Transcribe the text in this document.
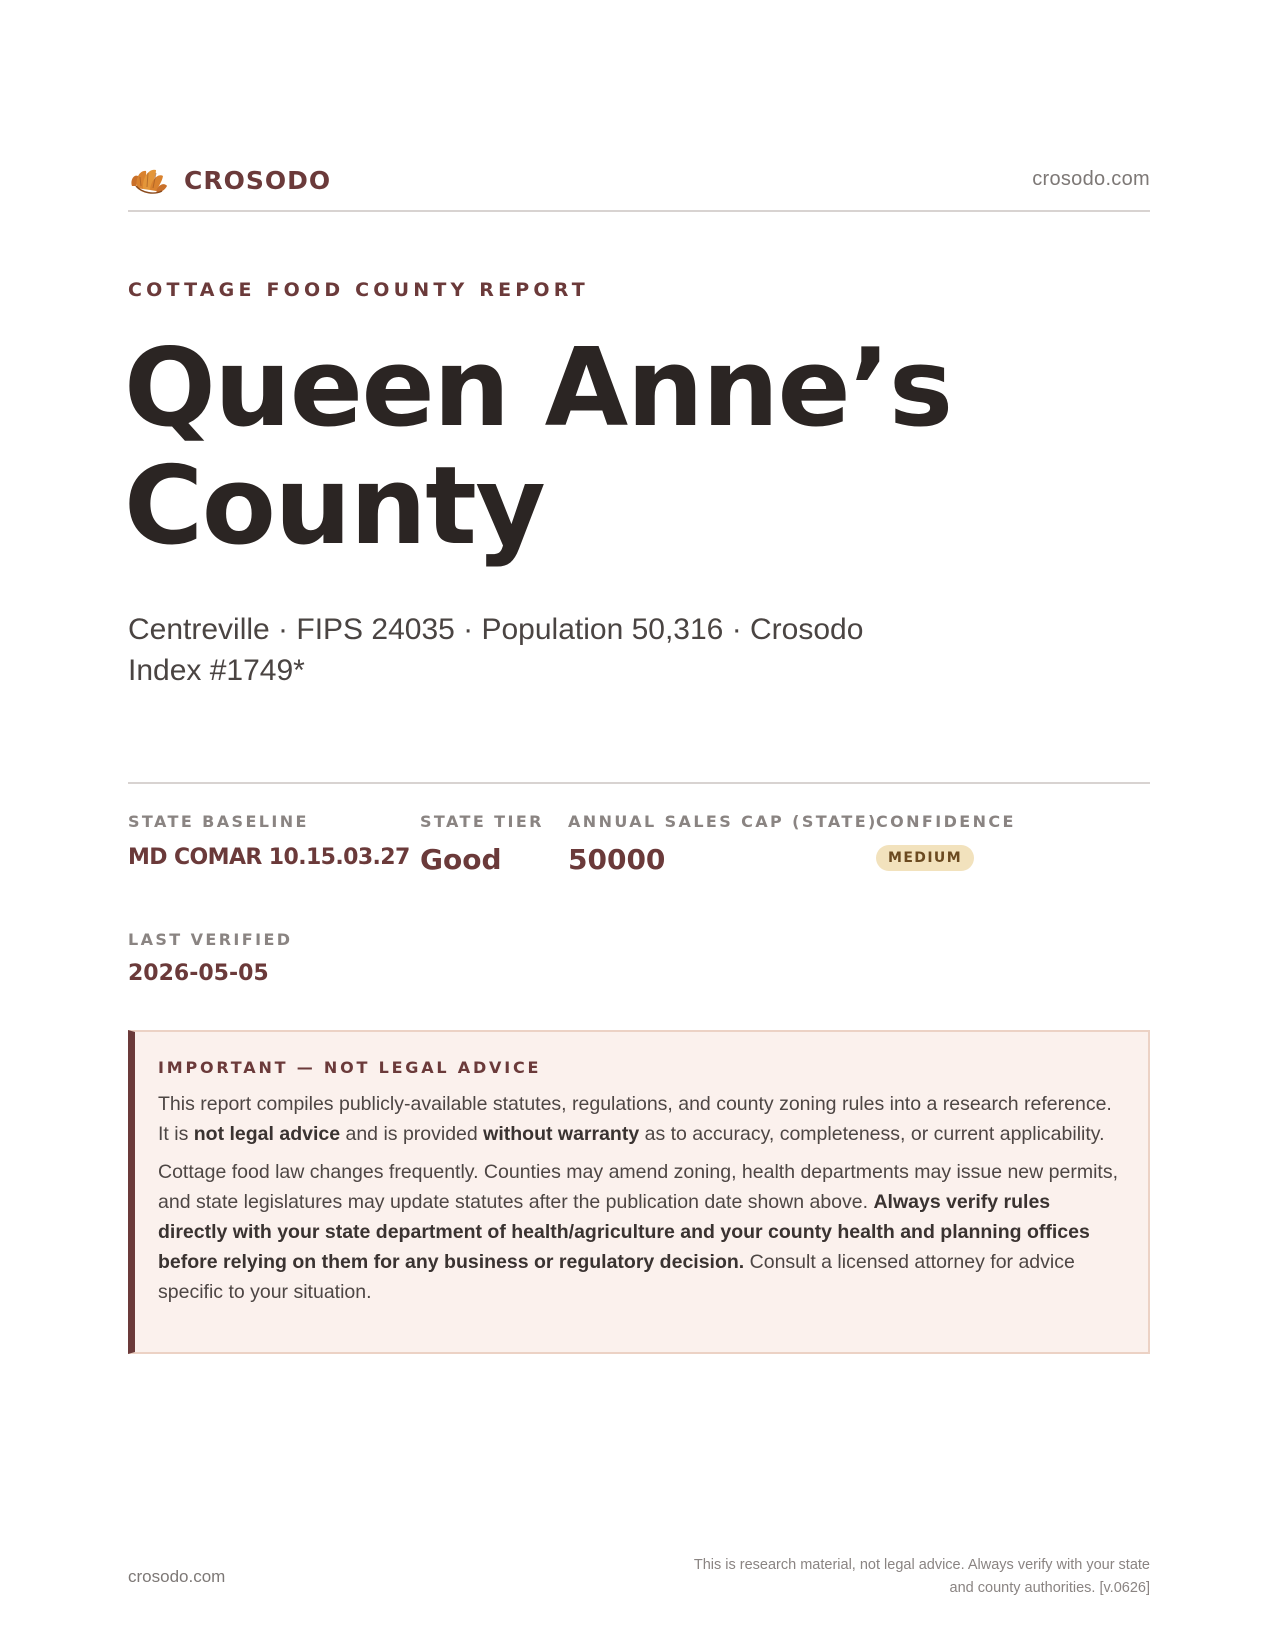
CROSODO	crosodo.com
COTTAGE FOOD COUNTY REPORT
Queen Anne’s
County
Centreville · FIPS 24035 · Population 50,316 · Crosodo Index #1749*
STATE BASELINE
MD COMAR 10.15.03.27
STATE TIER
Good
ANNUAL SALES CAP (STATE)
50000
CONFIDENCE
MEDIUM
LAST VERIFIED
2026-05-05
IMPORTANT — NOT LEGAL ADVICE

This report compiles publicly-available statutes, regulations, and county zoning rules into a research reference. It is not legal advice and is provided without warranty as to accuracy, completeness, or current applicability.

Cottage food law changes frequently. Counties may amend zoning, health departments may issue new permits, and state legislatures may update statutes after the publication date shown above. Always verify rules directly with your state department of health/agriculture and your county health and planning offices before relying on them for any business or regulatory decision. Consult a licensed attorney for advice specific to your situation.

crosodo.com
This is research material, not legal advice. Always verify with your state
and county authorities. [v.0626]
